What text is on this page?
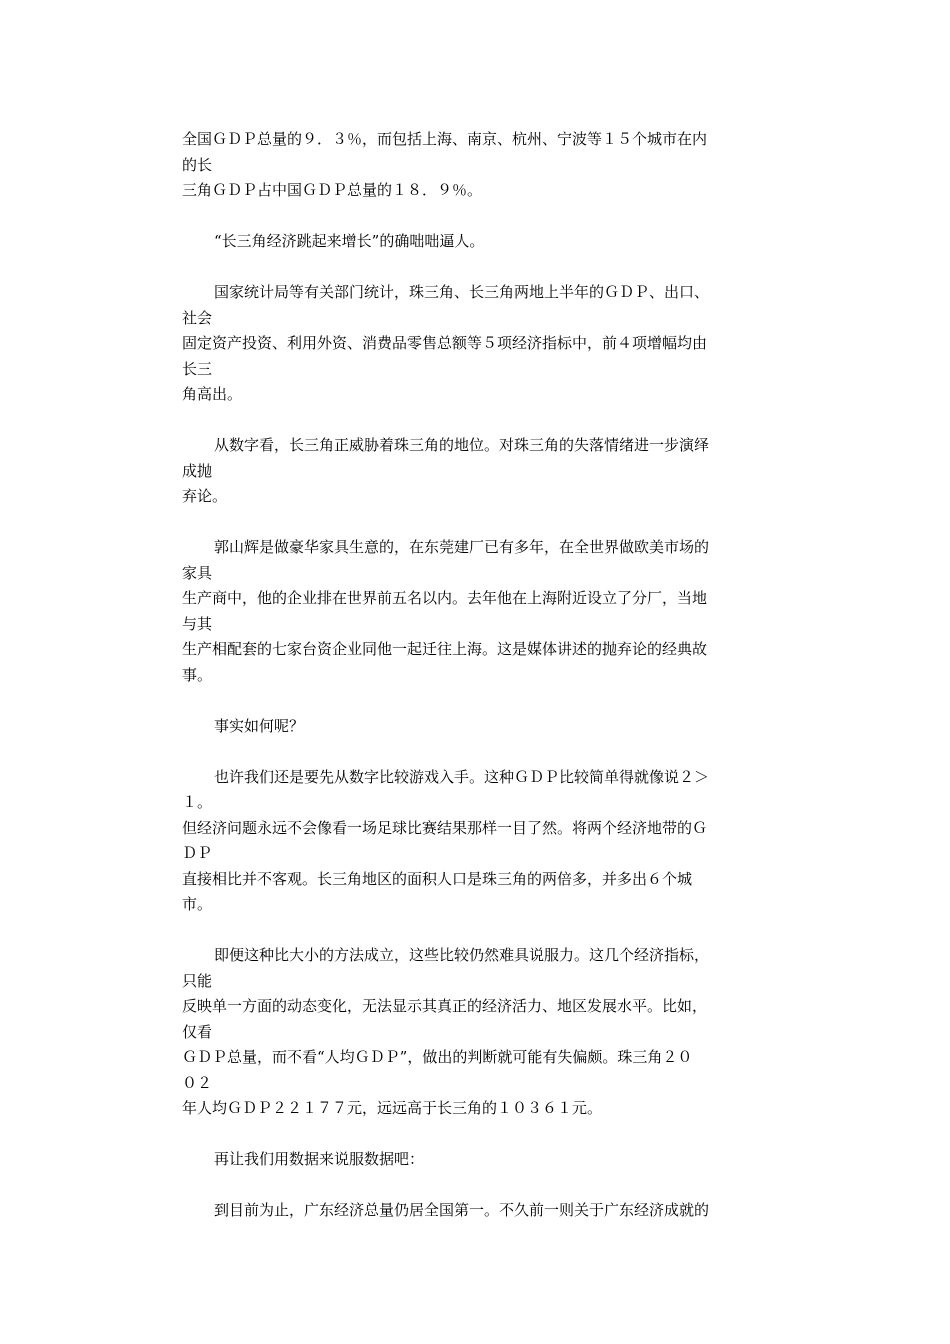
全国ＧＤＰ总量的９．３％，而包括上海、南京、杭州、宁波等１５个城市在内
的长
三角ＧＤＰ占中国ＧＤＰ总量的１８．９％。

“长三角经济跳起来增长”的确咄咄逼人。

国家统计局等有关部门统计，珠三角、长三角两地上半年的ＧＤＰ、出口、
社会
固定资产投资、利用外资、消费品零售总额等５项经济指标中，前４项增幅均由
长三
角高出。

从数字看，长三角正威胁着珠三角的地位。对珠三角的失落情绪进一步演绎
成抛
弃论。

郭山辉是做豪华家具生意的，在东莞建厂已有多年，在全世界做欧美市场的
家具
生产商中，他的企业排在世界前五名以内。去年他在上海附近设立了分厂，当地
与其
生产相配套的七家台资企业同他一起迁往上海。这是媒体讲述的抛弃论的经典故
事。

事实如何呢？

也许我们还是要先从数字比较游戏入手。这种ＧＤＰ比较简单得就像说２＞
１。
但经济问题永远不会像看一场足球比赛结果那样一目了然。将两个经济地带的Ｇ
ＤＰ
直接相比并不客观。长三角地区的面积人口是珠三角的两倍多，并多出６个城
市。

即便这种比大小的方法成立，这些比较仍然难具说服力。这几个经济指标，
只能
反映单一方面的动态变化，无法显示其真正的经济活力、地区发展水平。比如，
仅看
ＧＤＰ总量，而不看“人均ＧＤＰ”，做出的判断就可能有失偏颇。珠三角２０
０２
年人均ＧＤＰ２２１７７元，远远高于长三角的１０３６１元。

再让我们用数据来说服数据吧：

到目前为止，广东经济总量仍居全国第一。不久前一则关于广东经济成就的
